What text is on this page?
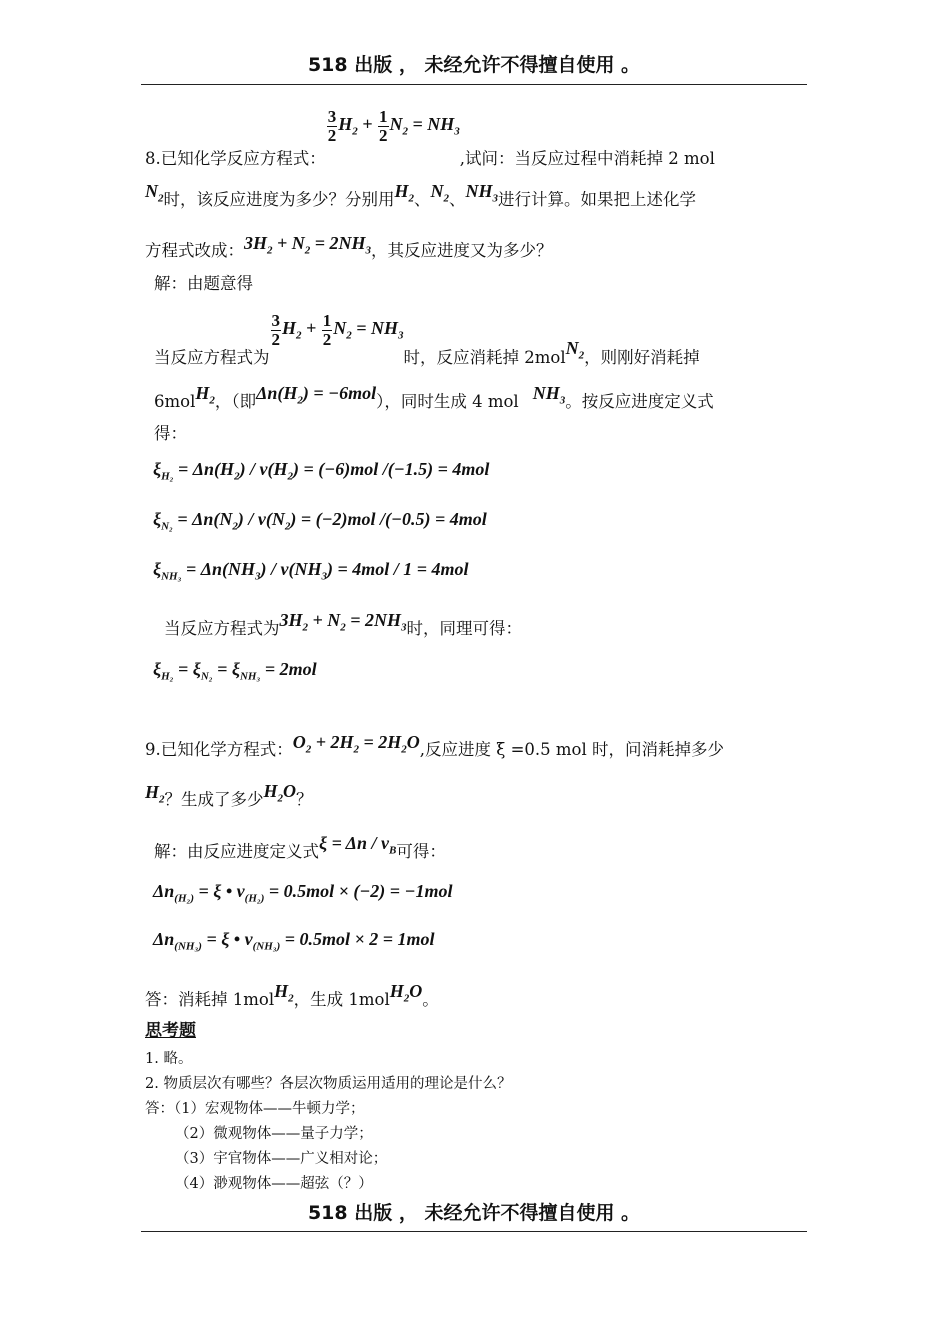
518 出版 ， 未经允许不得擅自使用 。
8.已知化学反应方程式：
$\frac{3}{2} H_2 + \frac{1}{2} N_2 = NH_3$,试问：当反应过程中消耗掉 2 mol
$N_2$时，该反应进度为多少？分别用$H_2$、$N_2$、$NH_3$进行计算。如果把上述化学
方程式改成：$3H_2 + N_2 = 2NH_3$，其反应进度又为多少？
解：由题意得
当反应方程式为
$\frac{3}{2} H_2 + \frac{1}{2} N_2 = NH_3$时，反应消耗掉 2molN$_2$，则刚好消耗掉
6molH$_2$，（即$\Delta n(H_2) = -6mol$），同时生成 4 mol $NH_3$。按反应进度定义式
得：
$\xi_{H_2} = \Delta n(H_2) / \nu(H_2) = (-6)mol$ /(−1.5) = 4mol
$\xi_{N_2} = \Delta n(N_2) / \nu(N_2) = (-2)mol$ /(−0.5) = 4mol
$\xi_{NH_3} = \Delta n(NH_3) / \nu(NH_3) = 4mol / 1 = 4mol$
当反应方程式为$3H_2 + N_2 = 2NH_3$时，同理可得：
$\xi_{H_2} = \xi_{N_2} = \xi_{NH_3} = 2mol$
9.已知化学方程式：$O_2 + 2H_2 = 2H_2O$,反应进度 ξ =0.5 mol 时，问消耗掉多少
$H_2$？生成了多少$H_2O$？
解：由反应进度定义式$\xi = \Delta n / \nu_B$可得：
$\Delta n_{(H_2)} = \xi$ • $\nu_{(H_2)} = 0.5mol \times (-2) = -1mol$
$\Delta n_{(NH_3)} = \xi$ • $\nu_{(NH_3)} = 0.5mol \times 2 = 1mol$
答：消耗掉 1molH$_2$，生成 1molH$_2$O。
思考题
1. 略。
2. 物质层次有哪些？各层次物质运用适用的理论是什么？
答：（1）宏观物体——牛顿力学；
（2）微观物体——量子力学；
（3）宇官物体——广义相对论；
（4）渺观物体——超弦（？）
518 出版 ， 未经允许不得擅自使用 。
